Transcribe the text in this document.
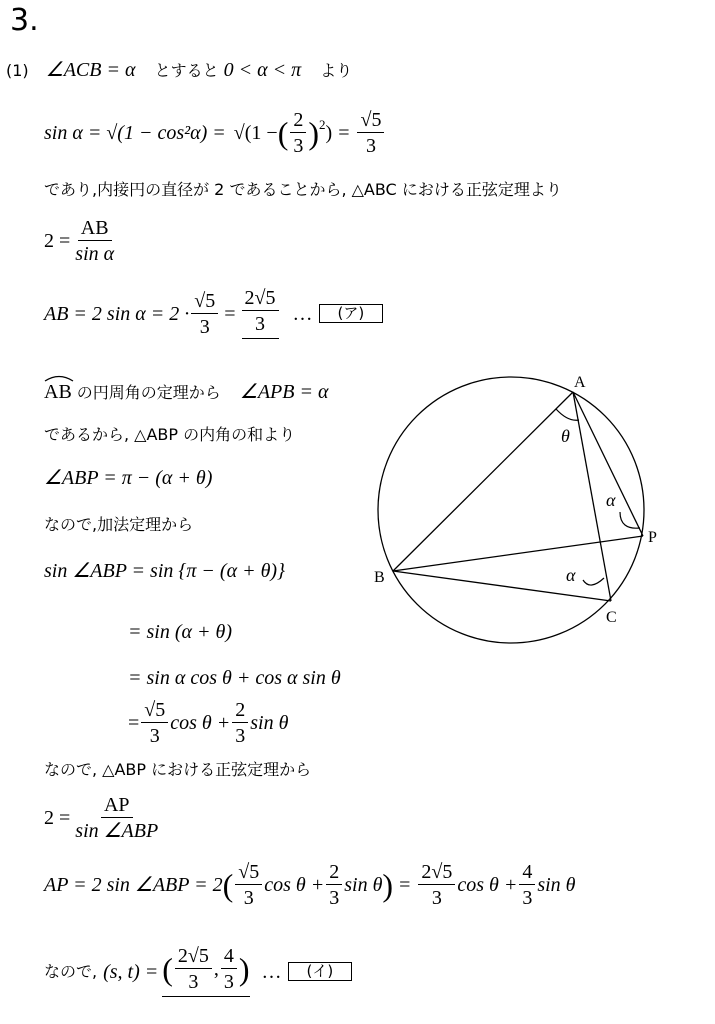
3.
(1) ∠ACB = α とすると 0 < α < π より
sin α = √(1 − cos²α) = √(1 − ( $\frac{2}{3} )^2$ ) = $\frac{√5}{3}$
であり,内接円の直径が 2 であることから, △ABC における正弦定理より
$2 = \frac{AB}{\text{sin α}}$
AB = 2 $\sin \alpha = 2 \cdot \frac{√5}{3} = \frac{2√5}{3}$ …	(ア)
AB の円周角の定理から ∠APB = α
であるから, △ABP の内角の和より
∠ABP = π − (α + θ)
なので,加法定理から
sin ∠ABP = sin {π − (α + θ)}
= sin (α + θ)
= sin α cos θ + cos α sin θ
= $\frac{√5}{3}$ $\cos \theta + \frac{2}{3}$ sin θ
なので, △ABP における正弦定理から
$2 = \frac{AP}{\text{sin ∠ABP}}$
AP = 2 sin ∠ABP = 2 ( $\frac{√5}{3}$ $\cos \theta + \frac{2}{3}$ sin θ ) = $\frac{2√5}{3}$ $\cos \theta + \frac{4}{3}$ sin θ
なので, (s, t) = ( $\frac{2√5}{3}$ , $\frac{4}{3}$ ) …	(イ)
A
B
C
P
θ
α
α
